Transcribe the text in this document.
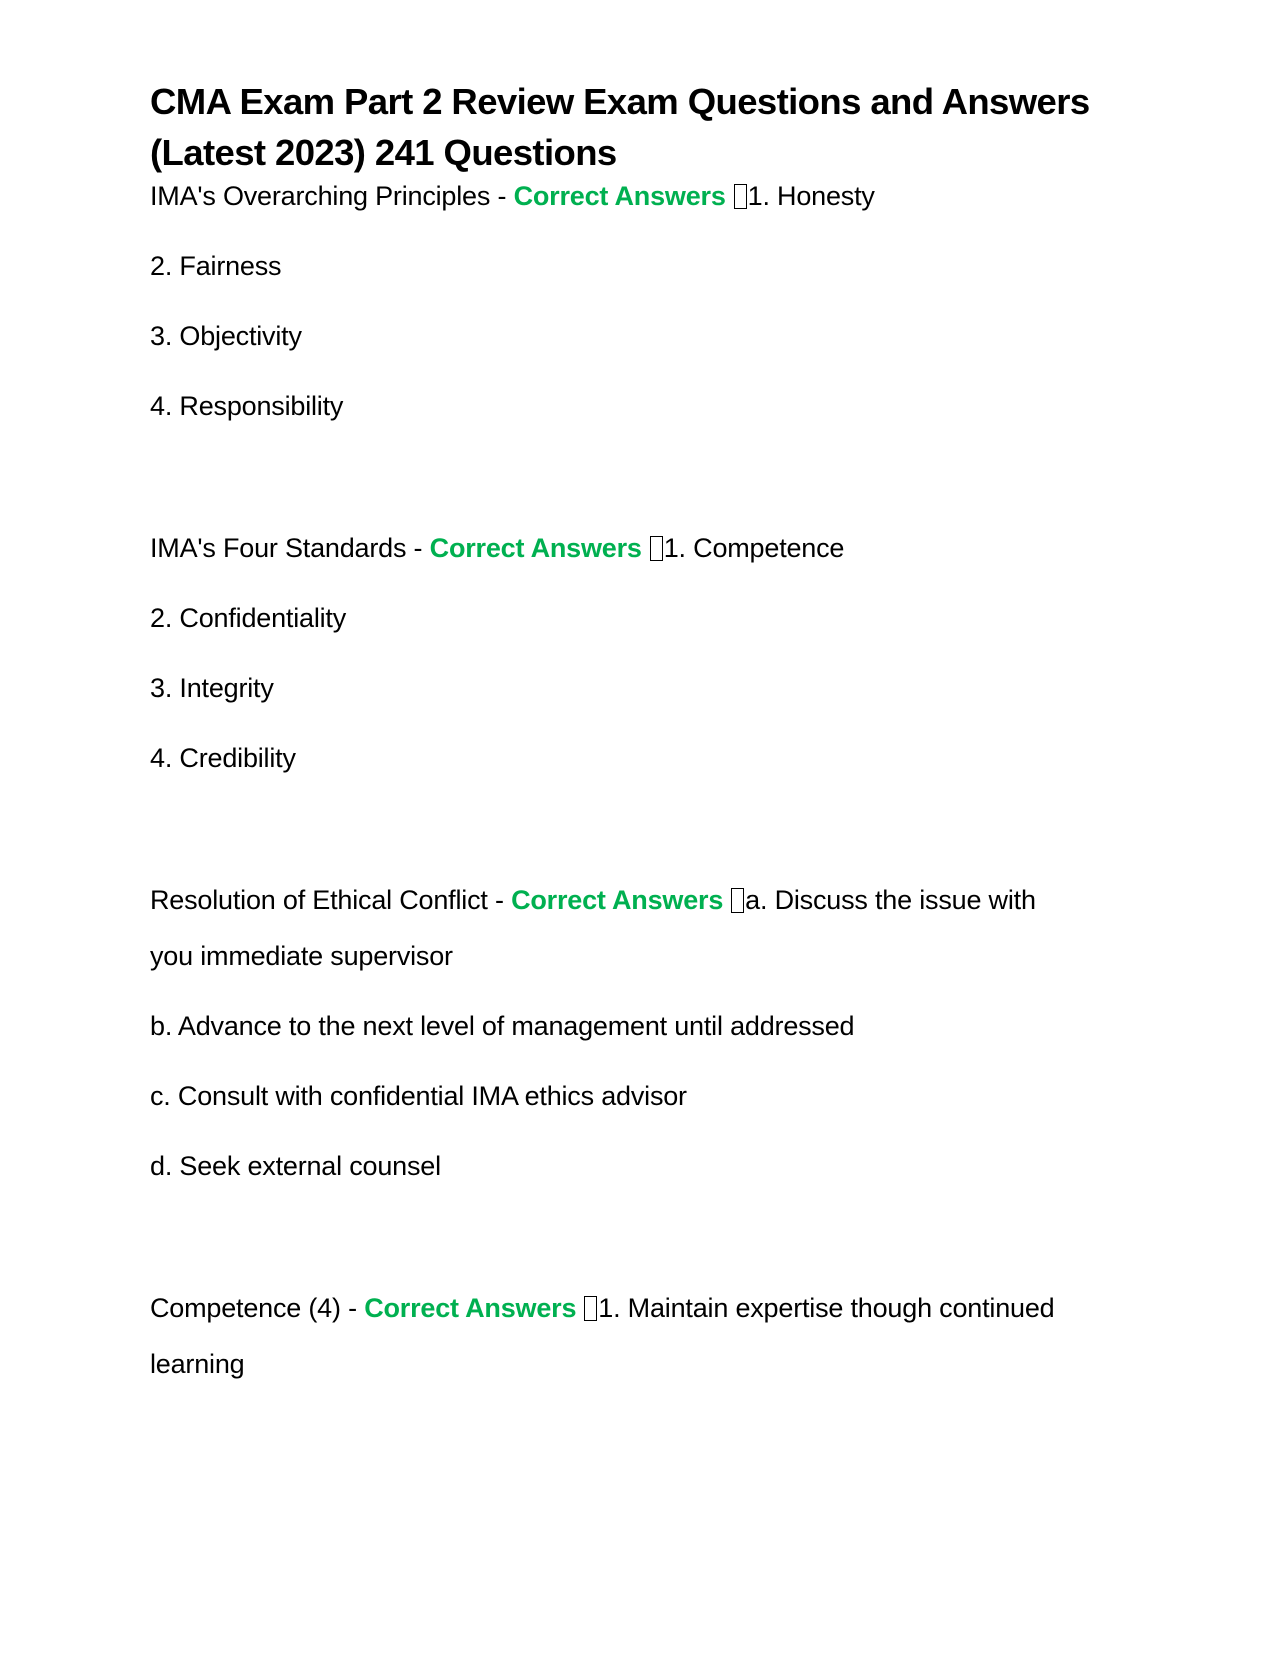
CMA Exam Part 2 Review Exam Questions and Answers (Latest 2023) 241 Questions
IMA's Overarching Principles - Correct Answers 1. Honesty
2. Fairness
3. Objectivity
4. Responsibility
IMA's Four Standards - Correct Answers 1. Competence
2. Confidentiality
3. Integrity
4. Credibility
Resolution of Ethical Conflict - Correct Answers a. Discuss the issue with
you immediate supervisor
b. Advance to the next level of management until addressed
c. Consult with confidential IMA ethics advisor
d. Seek external counsel
Competence (4) - Correct Answers 1. Maintain expertise though continued
learning
